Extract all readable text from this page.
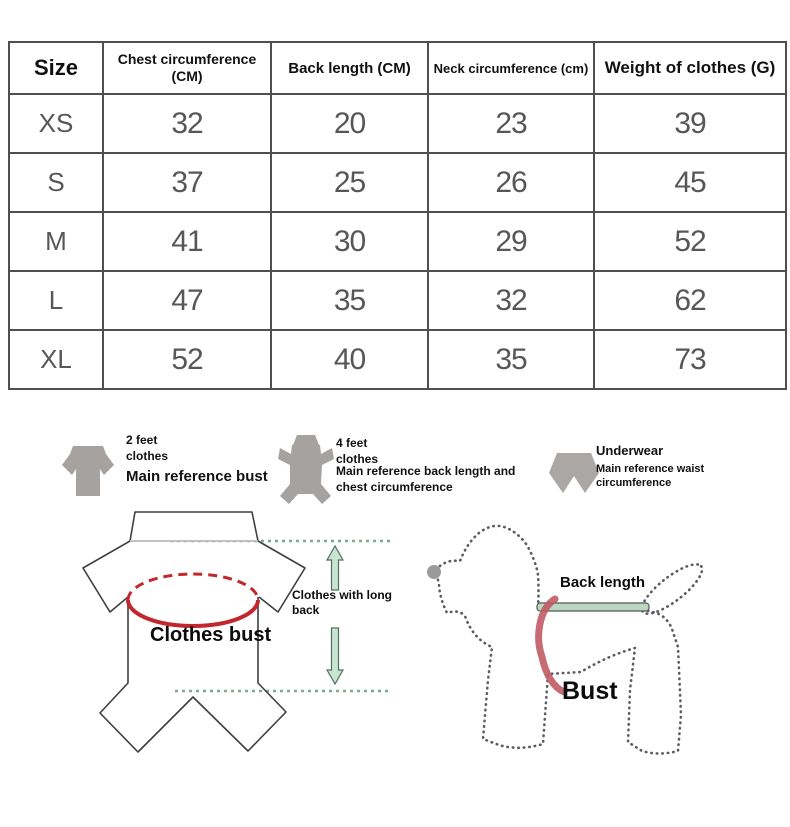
Size	Chest circumference (CM)	Back length (CM)	Neck circumference (cm)	Weight of clothes (G)
XS	32	20	23	39
S	37	25	26	45
M	41	30	29	52
L	47	35	32	62
XL	52	40	35	73
2 feet
clothes
Main reference bust
4 feet
clothes
Main reference back length and chest circumference
Underwear
Main reference waist circumference
Clothes bust
Clothes with long back
Back length
Bust
